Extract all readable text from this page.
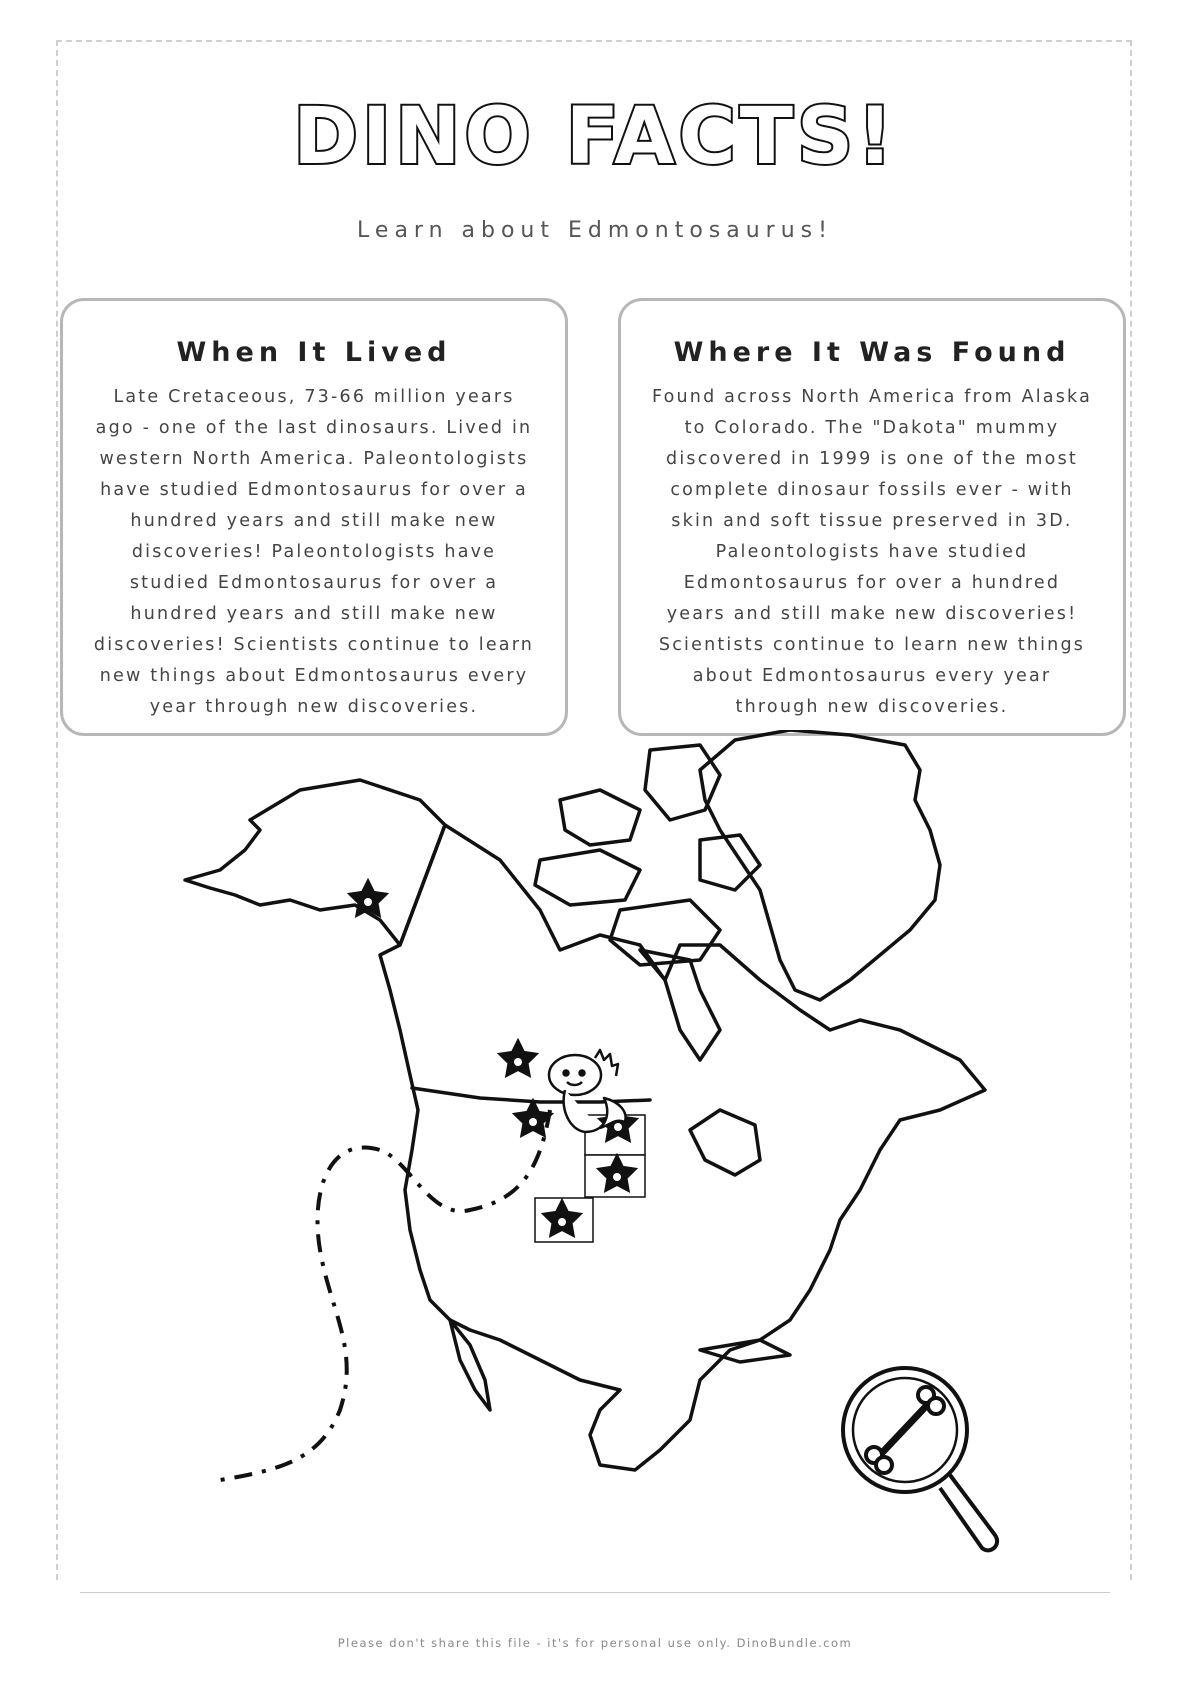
DINO FACTS!
Learn about Edmontosaurus!
When It Lived

Late Cretaceous, 73-66 million years ago - one of the last dinosaurs. Lived in western North America. Paleontologists have studied Edmontosaurus for over a hundred years and still make new discoveries! Paleontologists have studied Edmontosaurus for over a hundred years and still make new discoveries! Scientists continue to learn new things about Edmontosaurus every year through new discoveries.

Where It Was Found

Found across North America from Alaska to Colorado. The "Dakota" mummy discovered in 1999 is one of the most complete dinosaur fossils ever - with skin and soft tissue preserved in 3D. Paleontologists have studied Edmontosaurus for over a hundred years and still make new discoveries! Scientists continue to learn new things about Edmontosaurus every year through new discoveries.

Please don't share this file - it's for personal use only. DinoBundle.com
